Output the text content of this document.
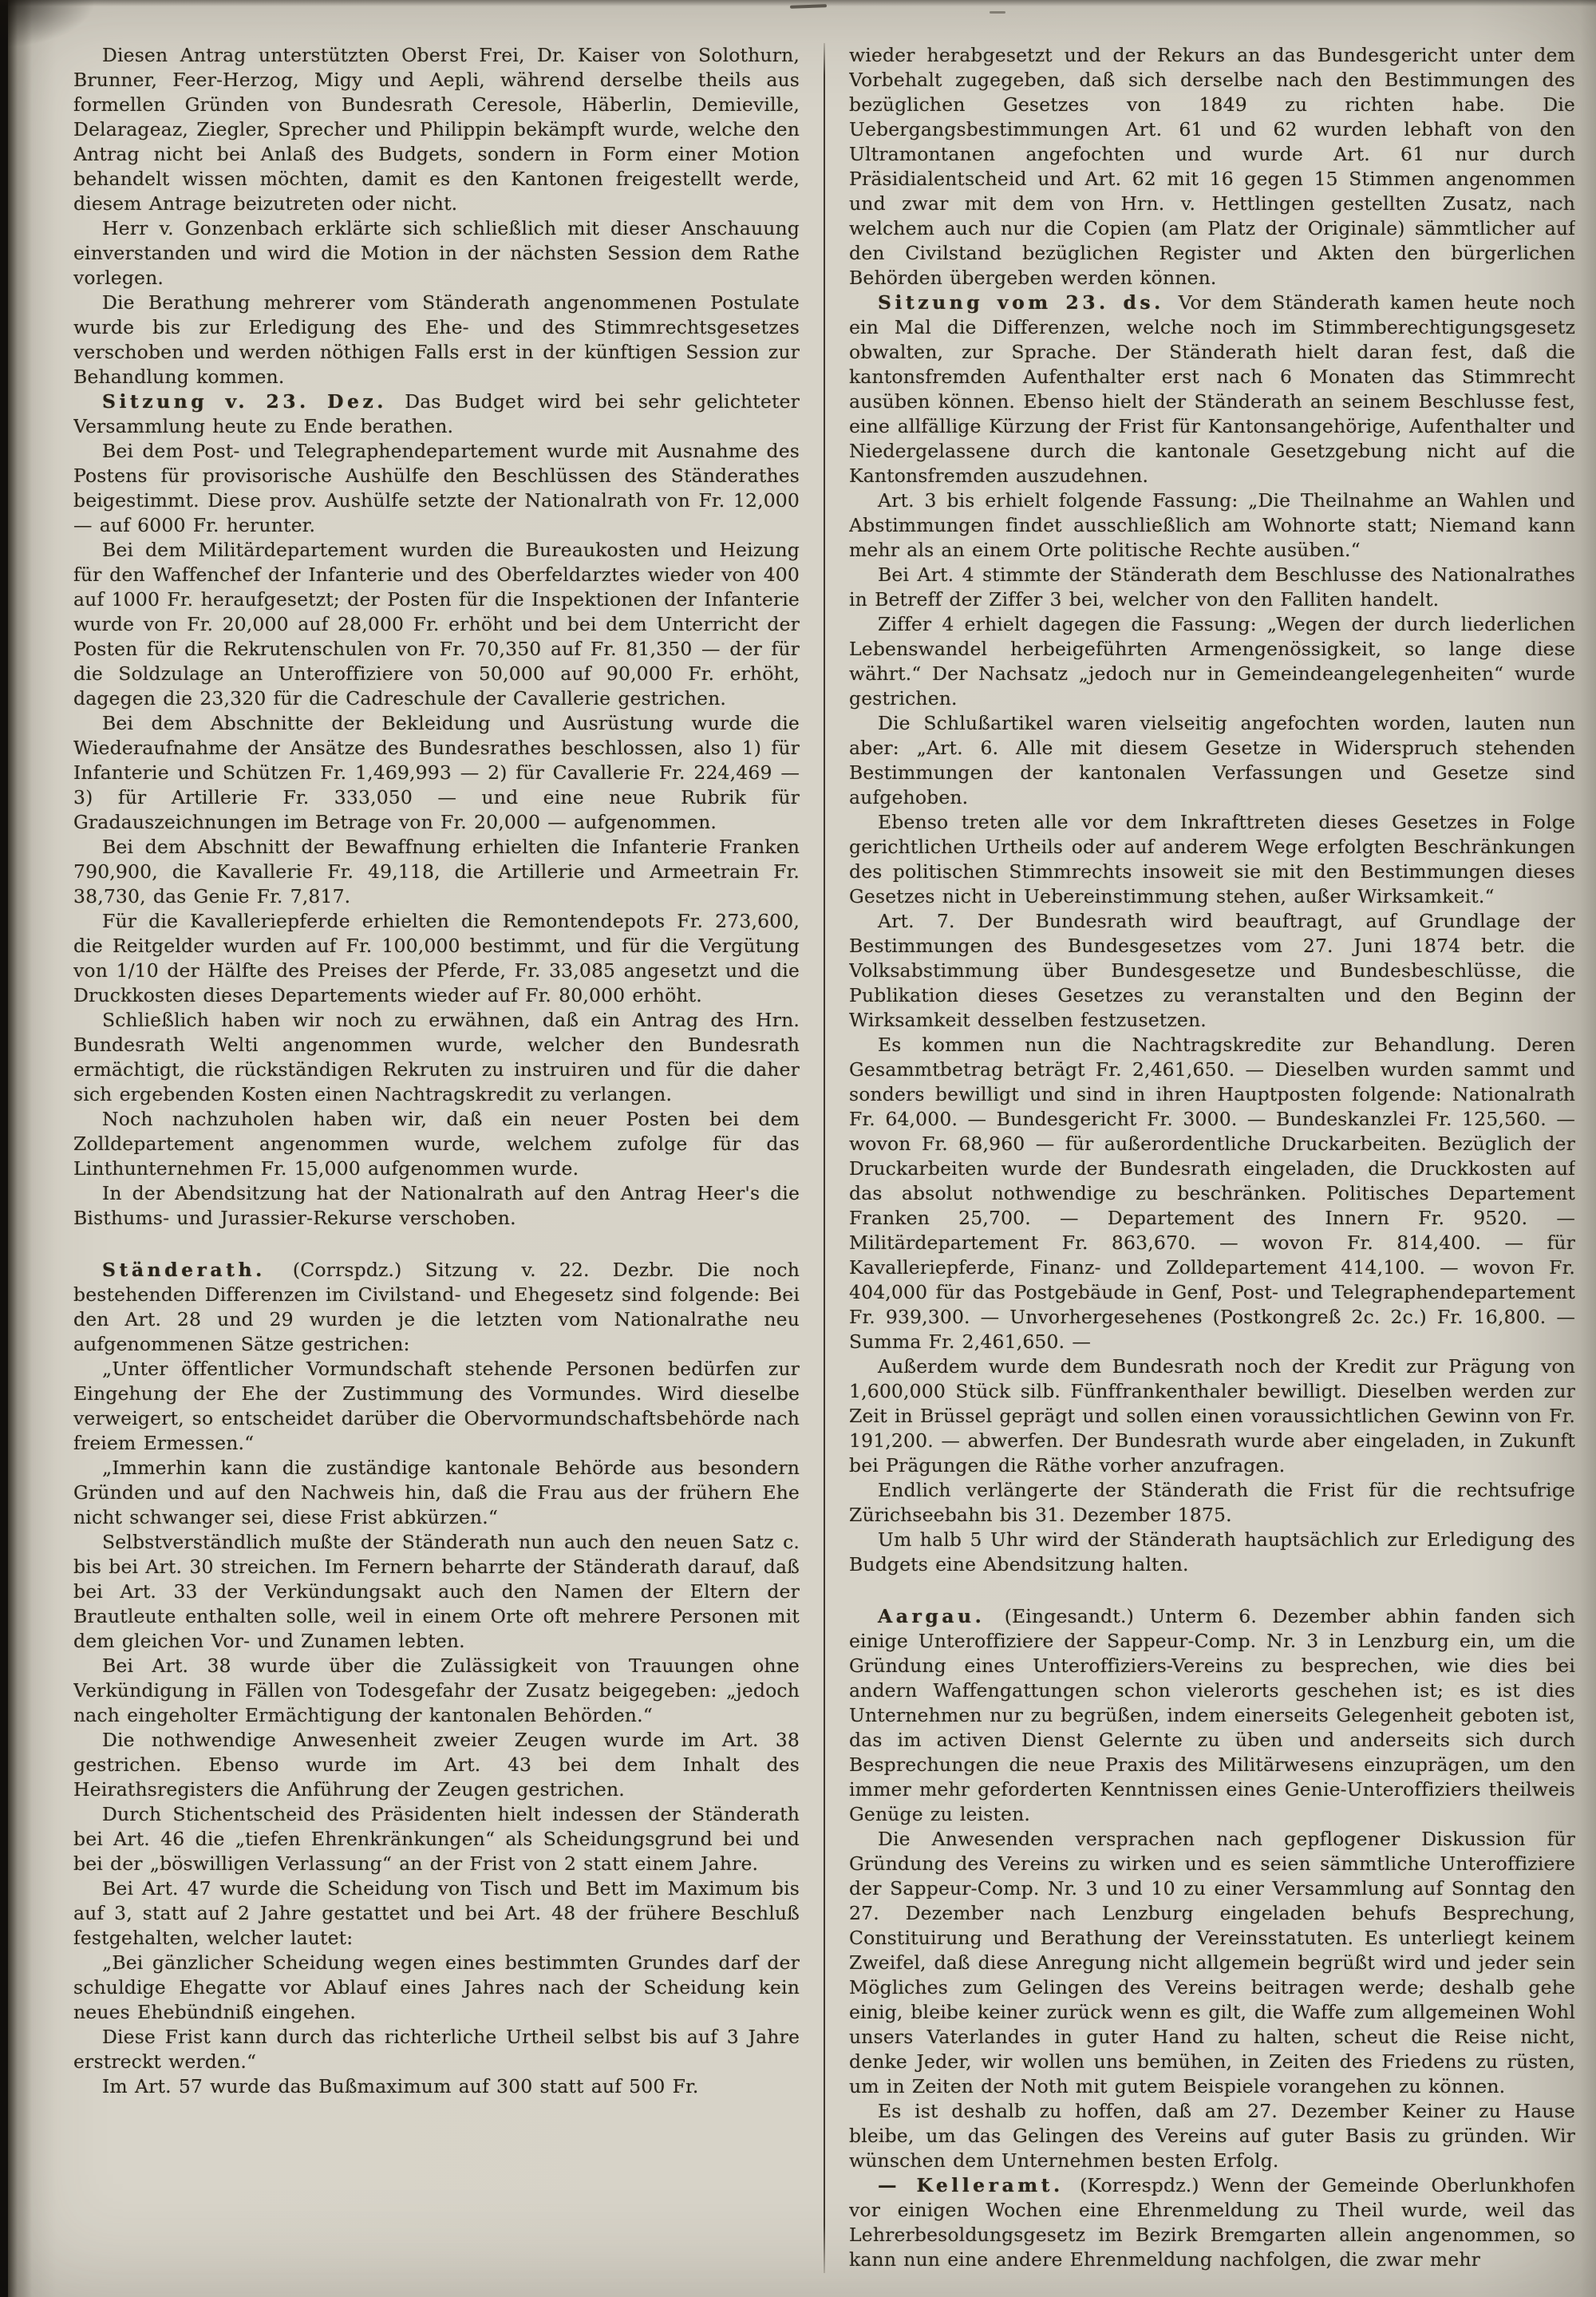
Diesen Antrag unterstützten Oberst Frei, Dr. Kaiser von Solothurn, Brunner, Feer-Herzog, Migy und Aepli, während derselbe theils aus formellen Gründen von Bundesrath Ceresole, Häberlin, Demieville, Delarageaz, Ziegler, Sprecher und Philippin bekämpft wurde, welche den Antrag nicht bei Anlaß des Budgets, sondern in Form einer Motion behandelt wissen möchten, damit es den Kantonen freigestellt werde, diesem Antrage beizutreten oder nicht.

Herr v. Gonzenbach erklärte sich schließlich mit dieser Anschauung einverstanden und wird die Motion in der nächsten Session dem Rathe vorlegen.

Die Berathung mehrerer vom Ständerath angenommenen Postulate wurde bis zur Erledigung des Ehe- und des Stimmrechtsgesetzes verschoben und werden nöthigen Falls erst in der künftigen Session zur Behandlung kommen.

Sitzung v. 23. Dez. Das Budget wird bei sehr gelichteter Versammlung heute zu Ende berathen.

Bei dem Post- und Telegraphendepartement wurde mit Ausnahme des Postens für provisorische Aushülfe den Beschlüssen des Ständerathes beigestimmt. Diese prov. Aushülfe setzte der Nationalrath von Fr. 12,000 — auf 6000 Fr. herunter.

Bei dem Militärdepartement wurden die Bureaukosten und Heizung für den Waffenchef der Infanterie und des Oberfeldarztes wieder von 400 auf 1000 Fr. heraufgesetzt; der Posten für die Inspektionen der Infanterie wurde von Fr. 20,000 auf 28,000 Fr. erhöht und bei dem Unterricht der Posten für die Rekrutenschulen von Fr. 70,350 auf Fr. 81,350 — der für die Soldzulage an Unteroffiziere von 50,000 auf 90,000 Fr. erhöht, dagegen die 23,320 für die Cadreschule der Cavallerie gestrichen.

Bei dem Abschnitte der Bekleidung und Ausrüstung wurde die Wiederaufnahme der Ansätze des Bundesrathes beschlossen, also 1) für Infanterie und Schützen Fr. 1,469,993 — 2) für Cavallerie Fr. 224,469 — 3) für Artillerie Fr. 333,050 — und eine neue Rubrik für Gradauszeichnungen im Betrage von Fr. 20,000 — aufgenommen.

Bei dem Abschnitt der Bewaffnung erhielten die Infanterie Franken 790,900, die Kavallerie Fr. 49,118, die Artillerie und Armeetrain Fr. 38,730, das Genie Fr. 7,817.

Für die Kavalleriepferde erhielten die Remontendepots Fr. 273,600, die Reitgelder wurden auf Fr. 100,000 bestimmt, und für die Vergütung von 1/10 der Hälfte des Preises der Pferde, Fr. 33,085 angesetzt und die Druckkosten dieses Departements wieder auf Fr. 80,000 erhöht.

Schließlich haben wir noch zu erwähnen, daß ein Antrag des Hrn. Bundesrath Welti angenommen wurde, welcher den Bundesrath ermächtigt, die rückständigen Rekruten zu instruiren und für die daher sich ergebenden Kosten einen Nachtragskredit zu verlangen.

Noch nachzuholen haben wir, daß ein neuer Posten bei dem Zolldepartement angenommen wurde, welchem zufolge für das Linthunternehmen Fr. 15,000 aufgenommen wurde.

In der Abendsitzung hat der Nationalrath auf den Antrag Heer's die Bisthums- und Jurassier-Rekurse verschoben.

Ständerath. (Corrspdz.) Sitzung v. 22. Dezbr. Die noch bestehenden Differenzen im Civilstand- und Ehegesetz sind folgende: Bei den Art. 28 und 29 wurden je die letzten vom Nationalrathe neu aufgenommenen Sätze gestrichen:

„Unter öffentlicher Vormundschaft stehende Personen bedürfen zur Eingehung der Ehe der Zustimmung des Vormundes. Wird dieselbe verweigert, so entscheidet darüber die Obervormundschaftsbehörde nach freiem Ermessen.“

„Immerhin kann die zuständige kantonale Behörde aus besondern Gründen und auf den Nachweis hin, daß die Frau aus der frühern Ehe nicht schwanger sei, diese Frist abkürzen.“

Selbstverständlich mußte der Ständerath nun auch den neuen Satz c. bis bei Art. 30 streichen. Im Fernern beharrte der Ständerath darauf, daß bei Art. 33 der Verkündungsakt auch den Namen der Eltern der Brautleute enthalten solle, weil in einem Orte oft mehrere Personen mit dem gleichen Vor- und Zunamen lebten.

Bei Art. 38 wurde über die Zulässigkeit von Trauungen ohne Verkündigung in Fällen von Todesgefahr der Zusatz beigegeben: „jedoch nach eingeholter Ermächtigung der kantonalen Behörden.“

Die nothwendige Anwesenheit zweier Zeugen wurde im Art. 38 gestrichen. Ebenso wurde im Art. 43 bei dem Inhalt des Heirathsregisters die Anführung der Zeugen gestrichen.

Durch Stichentscheid des Präsidenten hielt indessen der Ständerath bei Art. 46 die „tiefen Ehrenkränkungen“ als Scheidungsgrund bei und bei der „böswilligen Verlassung“ an der Frist von 2 statt einem Jahre.

Bei Art. 47 wurde die Scheidung von Tisch und Bett im Maximum bis auf 3, statt auf 2 Jahre gestattet und bei Art. 48 der frühere Beschluß festgehalten, welcher lautet:

„Bei gänzlicher Scheidung wegen eines bestimmten Grundes darf der schuldige Ehegatte vor Ablauf eines Jahres nach der Scheidung kein neues Ehebündniß eingehen.

Diese Frist kann durch das richterliche Urtheil selbst bis auf 3 Jahre erstreckt werden.“

Im Art. 57 wurde das Bußmaximum auf 300 statt auf 500 Fr.

wieder herabgesetzt und der Rekurs an das Bundesgericht unter dem Vorbehalt zugegeben, daß sich derselbe nach den Bestimmungen des bezüglichen Gesetzes von 1849 zu richten habe. Die Uebergangsbestimmungen Art. 61 und 62 wurden lebhaft von den Ultramontanen angefochten und wurde Art. 61 nur durch Präsidialentscheid und Art. 62 mit 16 gegen 15 Stimmen angenommen und zwar mit dem von Hrn. v. Hettlingen gestellten Zusatz, nach welchem auch nur die Copien (am Platz der Originale) sämmtlicher auf den Civilstand bezüglichen Register und Akten den bürgerlichen Behörden übergeben werden können.

Sitzung vom 23. ds. Vor dem Ständerath kamen heute noch ein Mal die Differenzen, welche noch im Stimmberechtigungsgesetz obwalten, zur Sprache. Der Ständerath hielt daran fest, daß die kantonsfremden Aufenthalter erst nach 6 Monaten das Stimmrecht ausüben können. Ebenso hielt der Ständerath an seinem Beschlusse fest, eine allfällige Kürzung der Frist für Kantonsangehörige, Aufenthalter und Niedergelassene durch die kantonale Gesetzgebung nicht auf die Kantonsfremden auszudehnen.

Art. 3 bis erhielt folgende Fassung: „Die Theilnahme an Wahlen und Abstimmungen findet ausschließlich am Wohnorte statt; Niemand kann mehr als an einem Orte politische Rechte ausüben.“

Bei Art. 4 stimmte der Ständerath dem Beschlusse des Nationalrathes in Betreff der Ziffer 3 bei, welcher von den Falliten handelt.

Ziffer 4 erhielt dagegen die Fassung: „Wegen der durch liederlichen Lebenswandel herbeigeführten Armengenössigkeit, so lange diese währt.“ Der Nachsatz „jedoch nur in Gemeindeangelegenheiten“ wurde gestrichen.

Die Schlußartikel waren vielseitig angefochten worden, lauten nun aber: „Art. 6. Alle mit diesem Gesetze in Widerspruch stehenden Bestimmungen der kantonalen Verfassungen und Gesetze sind aufgehoben.

Ebenso treten alle vor dem Inkrafttreten dieses Gesetzes in Folge gerichtlichen Urtheils oder auf anderem Wege erfolgten Beschränkungen des politischen Stimmrechts insoweit sie mit den Bestimmungen dieses Gesetzes nicht in Uebereinstimmung stehen, außer Wirksamkeit.“

Art. 7. Der Bundesrath wird beauftragt, auf Grundlage der Bestimmungen des Bundesgesetzes vom 27. Juni 1874 betr. die Volksabstimmung über Bundesgesetze und Bundesbeschlüsse, die Publikation dieses Gesetzes zu veranstalten und den Beginn der Wirksamkeit desselben festzusetzen.

Es kommen nun die Nachtragskredite zur Behandlung. Deren Gesammtbetrag beträgt Fr. 2,461,650. — Dieselben wurden sammt und sonders bewilligt und sind in ihren Hauptposten folgende: Nationalrath Fr. 64,000. — Bundesgericht Fr. 3000. — Bundeskanzlei Fr. 125,560. — wovon Fr. 68,960 — für außerordentliche Druckarbeiten. Bezüglich der Druckarbeiten wurde der Bundesrath eingeladen, die Druckkosten auf das absolut nothwendige zu beschränken. Politisches Departement Franken 25,700. — Departement des Innern Fr. 9520. — Militärdepartement Fr. 863,670. — wovon Fr. 814,400. — für Kavalleriepferde, Finanz- und Zolldepartement 414,100. — wovon Fr. 404,000 für das Postgebäude in Genf, Post- und Telegraphendepartement Fr. 939,300. — Unvorhergesehenes (Postkongreß 2c. 2c.) Fr. 16,800. — Summa Fr. 2,461,650. —

Außerdem wurde dem Bundesrath noch der Kredit zur Prägung von 1,600,000 Stück silb. Fünffrankenthaler bewilligt. Dieselben werden zur Zeit in Brüssel geprägt und sollen einen voraussichtlichen Gewinn von Fr. 191,200. — abwerfen. Der Bundesrath wurde aber eingeladen, in Zukunft bei Prägungen die Räthe vorher anzufragen.

Endlich verlängerte der Ständerath die Frist für die rechtsufrige Zürichseebahn bis 31. Dezember 1875.

Um halb 5 Uhr wird der Ständerath hauptsächlich zur Erledigung des Budgets eine Abendsitzung halten.

Aargau. (Eingesandt.) Unterm 6. Dezember abhin fanden sich einige Unteroffiziere der Sappeur-Comp. Nr. 3 in Lenzburg ein, um die Gründung eines Unteroffiziers-Vereins zu besprechen, wie dies bei andern Waffengattungen schon vielerorts geschehen ist; es ist dies Unternehmen nur zu begrüßen, indem einerseits Gelegenheit geboten ist, das im activen Dienst Gelernte zu üben und anderseits sich durch Besprechungen die neue Praxis des Militärwesens einzuprägen, um den immer mehr geforderten Kenntnissen eines Genie-Unteroffiziers theilweis Genüge zu leisten.

Die Anwesenden versprachen nach gepflogener Diskussion für Gründung des Vereins zu wirken und es seien sämmtliche Unteroffiziere der Sappeur-Comp. Nr. 3 und 10 zu einer Versammlung auf Sonntag den 27. Dezember nach Lenzburg eingeladen behufs Besprechung, Constituirung und Berathung der Vereinsstatuten. Es unterliegt keinem Zweifel, daß diese Anregung nicht allgemein begrüßt wird und jeder sein Mögliches zum Gelingen des Vereins beitragen werde; deshalb gehe einig, bleibe keiner zurück wenn es gilt, die Waffe zum allgemeinen Wohl unsers Vaterlandes in guter Hand zu halten, scheut die Reise nicht, denke Jeder, wir wollen uns bemühen, in Zeiten des Friedens zu rüsten, um in Zeiten der Noth mit gutem Beispiele vorangehen zu können.

Es ist deshalb zu hoffen, daß am 27. Dezember Keiner zu Hause bleibe, um das Gelingen des Vereins auf guter Basis zu gründen. Wir wünschen dem Unternehmen besten Erfolg.

— Kelleramt. (Korrespdz.) Wenn der Gemeinde Oberlunkhofen vor einigen Wochen eine Ehrenmeldung zu Theil wurde, weil das Lehrerbesoldungsgesetz im Bezirk Bremgarten allein angenommen, so kann nun eine andere Ehrenmeldung nachfolgen, die zwar mehr
